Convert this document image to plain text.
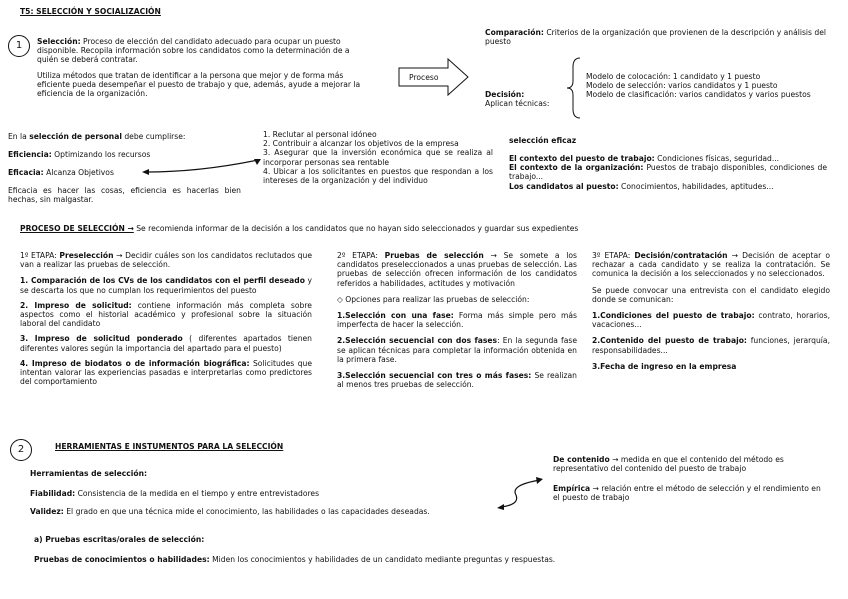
T5: SELECCIÓN Y SOCIALIZACIÓN
1	Selección: Proceso de elección del candidato adecuado para ocupar un puesto disponible. Recopila información sobre los candidatos como la determinación de a quién se deberá contratar.

Utiliza métodos que tratan de identificar a la persona que mejor y de forma más eficiente pueda desempeñar el puesto de trabajo y que, además, ayude a mejorar la eficiencia de la organización.

Proceso
Comparación: Criterios de la organización que provienen de la descripción y análisis del puesto
Decisión:
Aplican técnicas:
Modelo de colocación: 1 candidato y 1 puesto
Modelo de selección: varios candidatos y 1 puesto
Modelo de clasificación: varios candidatos y varios puestos
En la selección de personal debe cumplirse:
Eficiencia: Optimizando los recursos
Eficacia: Alcanza Objetivos
Eficacia es hacer las cosas, eficiencia es hacerlas bien hechas, sin malgastar.
1. Reclutar al personal idóneo
2. Contribuir a alcanzar los objetivos de la empresa
3. Asegurar que la inversión económica que se realiza al incorporar personas sea rentable
4. Ubicar a los solicitantes en puestos que respondan a los intereses de la organización y del individuo
selección eficaz
El contexto del puesto de trabajo: Condiciones físicas, seguridad...
El contexto de la organización: Puestos de trabajo disponibles, condiciones de trabajo...
Los candidatos al puesto: Conocimientos, habilidades, aptitudes...
PROCESO DE SELECCIÓN → Se recomienda informar de la decisión a los candidatos que no hayan sido seleccionados y guardar sus expedientes

1º ETAPA: Preselección → Decidir cuáles son los candidatos reclutados que van a realizar las pruebas de selección.

1. Comparación de los CVs de los candidatos con el perfil deseado y se descarta los que no cumplan los requerimientos del puesto

2. Impreso de solicitud: contiene información más completa sobre aspectos como el historial académico y profesional sobre la situación laboral del candidato

3. Impreso de solicitud ponderado ( diferentes apartados tienen diferentes valores según la importancia del apartado para el puesto)

4. Impreso de biodatos o de información biográfica: Solicitudes que intentan valorar las experiencias pasadas e interpretarlas como predictores del comportamiento

2º ETAPA: Pruebas de selección → Se somete a los candidatos preseleccionados a unas pruebas de selección. Las pruebas de selección ofrecen información de los candidatos referidos a habilidades, actitudes y motivación

◇ Opciones para realizar las pruebas de selección:

1.Selección con una fase: Forma más simple pero más imperfecta de hacer la selección.

2.Selección secuencial con dos fases: En la segunda fase se aplican técnicas para completar la información obtenida en la primera fase.

3.Selección secuencial con tres o más fases: Se realizan al menos tres pruebas de selección.

3º ETAPA: Decisión/contratación → Decisión de aceptar o rechazar a cada candidato y se realiza la contratación. Se comunica la decisión a los seleccionados y no seleccionados.

Se puede convocar una entrevista con el candidato elegido donde se comunican:

1.Condiciones del puesto de trabajo: contrato, horarios, vacaciones...

2.Contenido del puesto de trabajo: funciones, jerarquía, responsabilidades...

3.Fecha de ingreso en la empresa

2	HERRAMIENTAS E INSTUMENTOS PARA LA SELECCIÓN
Herramientas de selección:
Fiabilidad: Consistencia de la medida en el tiempo y entre entrevistadores
Validez: El grado en que una técnica mide el conocimiento, las habilidades o las capacidades deseadas.
De contenido → medida en que el contenido del método es representativo del contenido del puesto de trabajo
Empírica → relación entre el método de selección y el rendimiento en el puesto de trabajo
a) Pruebas escritas/orales de selección:
Pruebas de conocimientos o habilidades: Miden los conocimientos y habilidades de un candidato mediante preguntas y respuestas.
